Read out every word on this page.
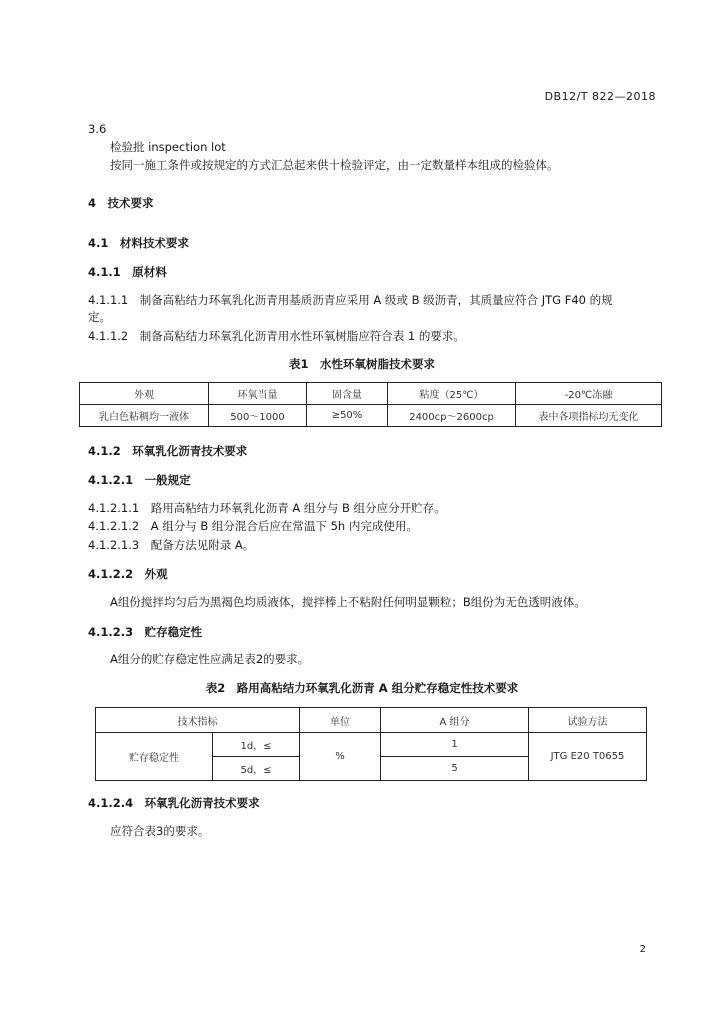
DB12/T 822—2018
3.6
检验批 inspection lot
按同一施工条件或按规定的方式汇总起来供十检验评定，由一定数量样本组成的检验体。
4　技术要求
4.1　材料技术要求
4.1.1　原材料
4.1.1.1　制备高粘结力环氧乳化沥青用基质沥青应采用 A 级或 B 级沥青，其质量应符合 JTG F40 的规
定。
4.1.1.2　制备高粘结力环氧乳化沥青用水性环氧树脂应符合表 1 的要求。
表1　水性环氧树脂技术要求
外观	环氧当量	固含量	粘度（25℃）	-20℃冻融
乳白色粘稠均一液体	500～1000	≥50%	2400cp～2600cp	表中各项指标均无变化
4.1.2　环氧乳化沥青技术要求
4.1.2.1　一般规定
4.1.2.1.1　路用高粘结力环氧乳化沥青 A 组分与 B 组分应分开贮存。
4.1.2.1.2　A 组分与 B 组分混合后应在常温下 5h 内完成使用。
4.1.2.1.3　配备方法见附录 A。
4.1.2.2　外观
A组份搅拌均匀后为黑褐色均质液体，搅拌棒上不粘附任何明显颗粒；B组份为无色透明液体。
4.1.2.3　贮存稳定性
A组分的贮存稳定性应满足表2的要求。
表2　路用高粘结力环氧乳化沥青 A 组分贮存稳定性技术要求
技术指标		单位	A 组分	试验方法
贮存稳定性	1d，≤	%	1	JTG E20 T0655
	5d，≤		5	
4.1.2.4　环氧乳化沥青技术要求
应符合表3的要求。
2
